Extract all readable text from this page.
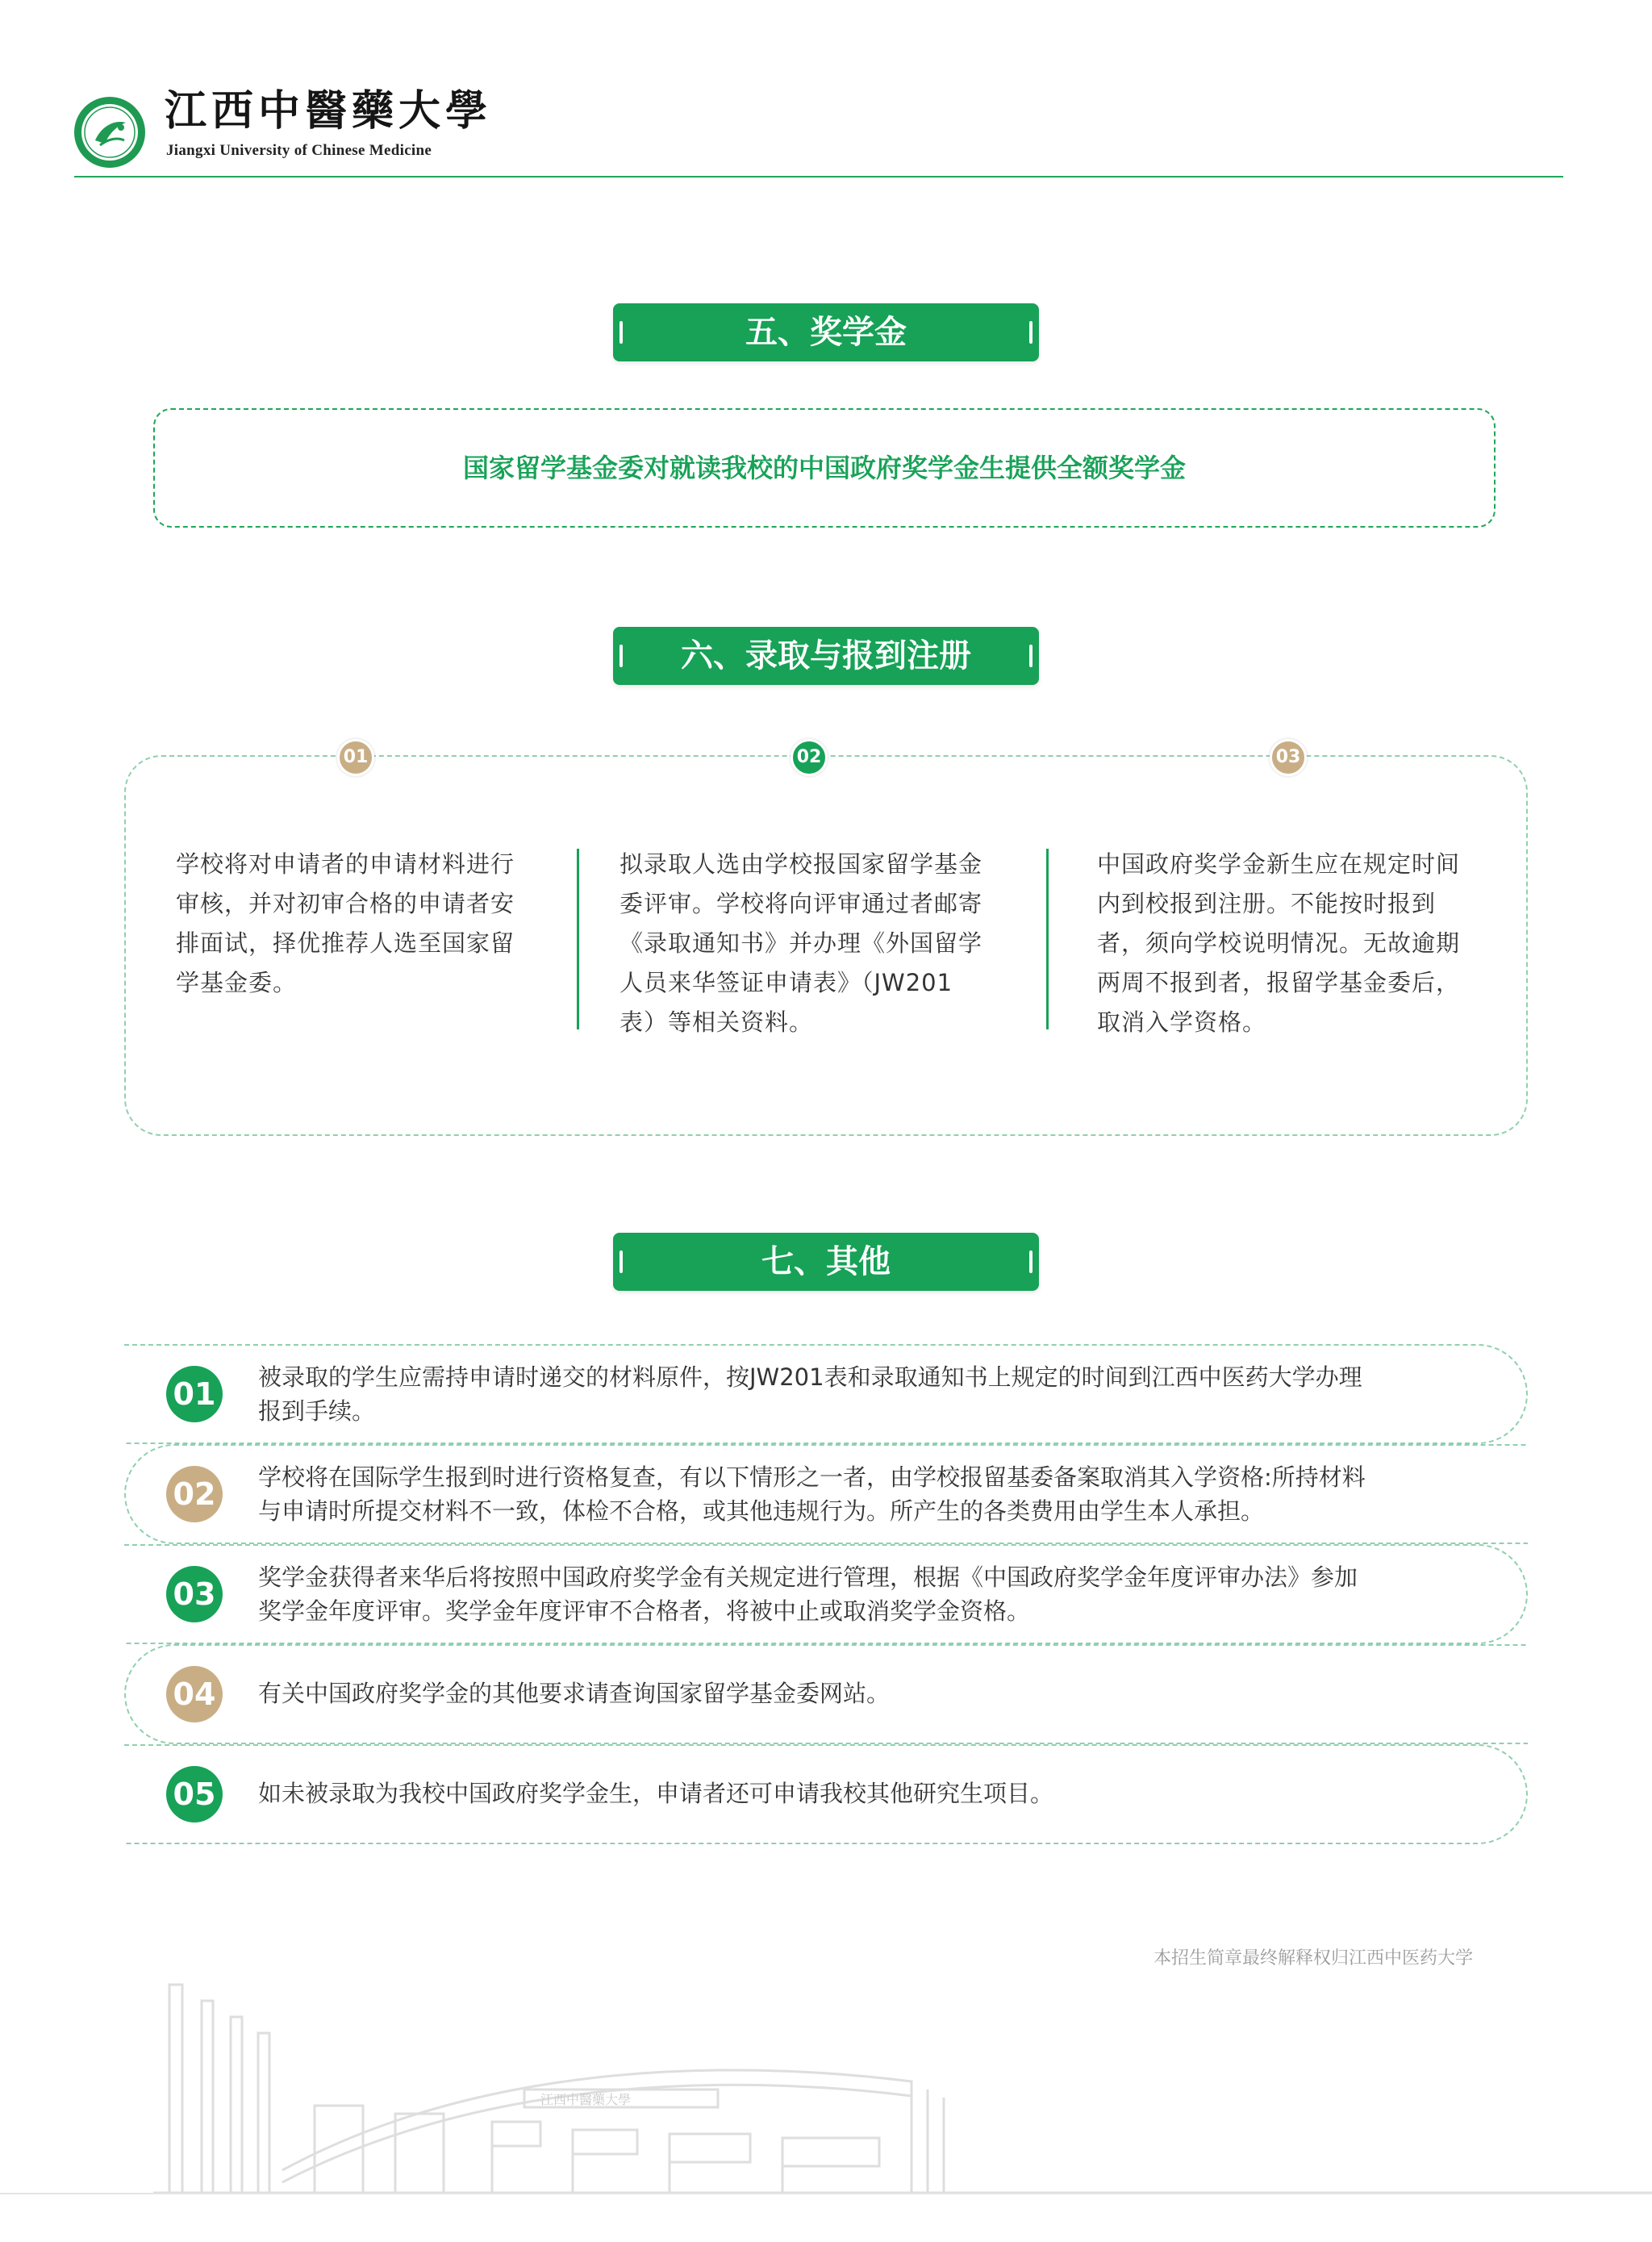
江西中醫藥大學
Jiangxi University of Chinese Medicine
五、奖学金
国家留学基金委对就读我校的中国政府奖学金生提供全额奖学金
六、录取与报到注册
01	02	03
学校将对申请者的申请材料进行
审核，并对初审合格的申请者安
排面试，择优推荐人选至国家留
学基金委。
拟录取人选由学校报国家留学基金
委评审。学校将向评审通过者邮寄
《录取通知书》并办理《外国留学
人员来华签证申请表》（JW201
表）等相关资料。
中国政府奖学金新生应在规定时间
内到校报到注册。不能按时报到
者，须向学校说明情况。无故逾期
两周不报到者，报留学基金委后，
取消入学资格。
七、其他
01
02
03
04
05
被录取的学生应需持申请时递交的材料原件，按JW201表和录取通知书上规定的时间到江西中医药大学办理
报到手续。
学校将在国际学生报到时进行资格复查，有以下情形之一者，由学校报留基委备案取消其入学资格:所持材料
与申请时所提交材料不一致，体检不合格，或其他违规行为。所产生的各类费用由学生本人承担。
奖学金获得者来华后将按照中国政府奖学金有关规定进行管理，根据《中国政府奖学金年度评审办法》参加
奖学金年度评审。奖学金年度评审不合格者，将被中止或取消奖学金资格。
有关中国政府奖学金的其他要求请查询国家留学基金委网站。
如未被录取为我校中国政府奖学金生，申请者还可申请我校其他研究生项目。
本招生简章最终解释权归江西中医药大学
江西中醫藥大學
